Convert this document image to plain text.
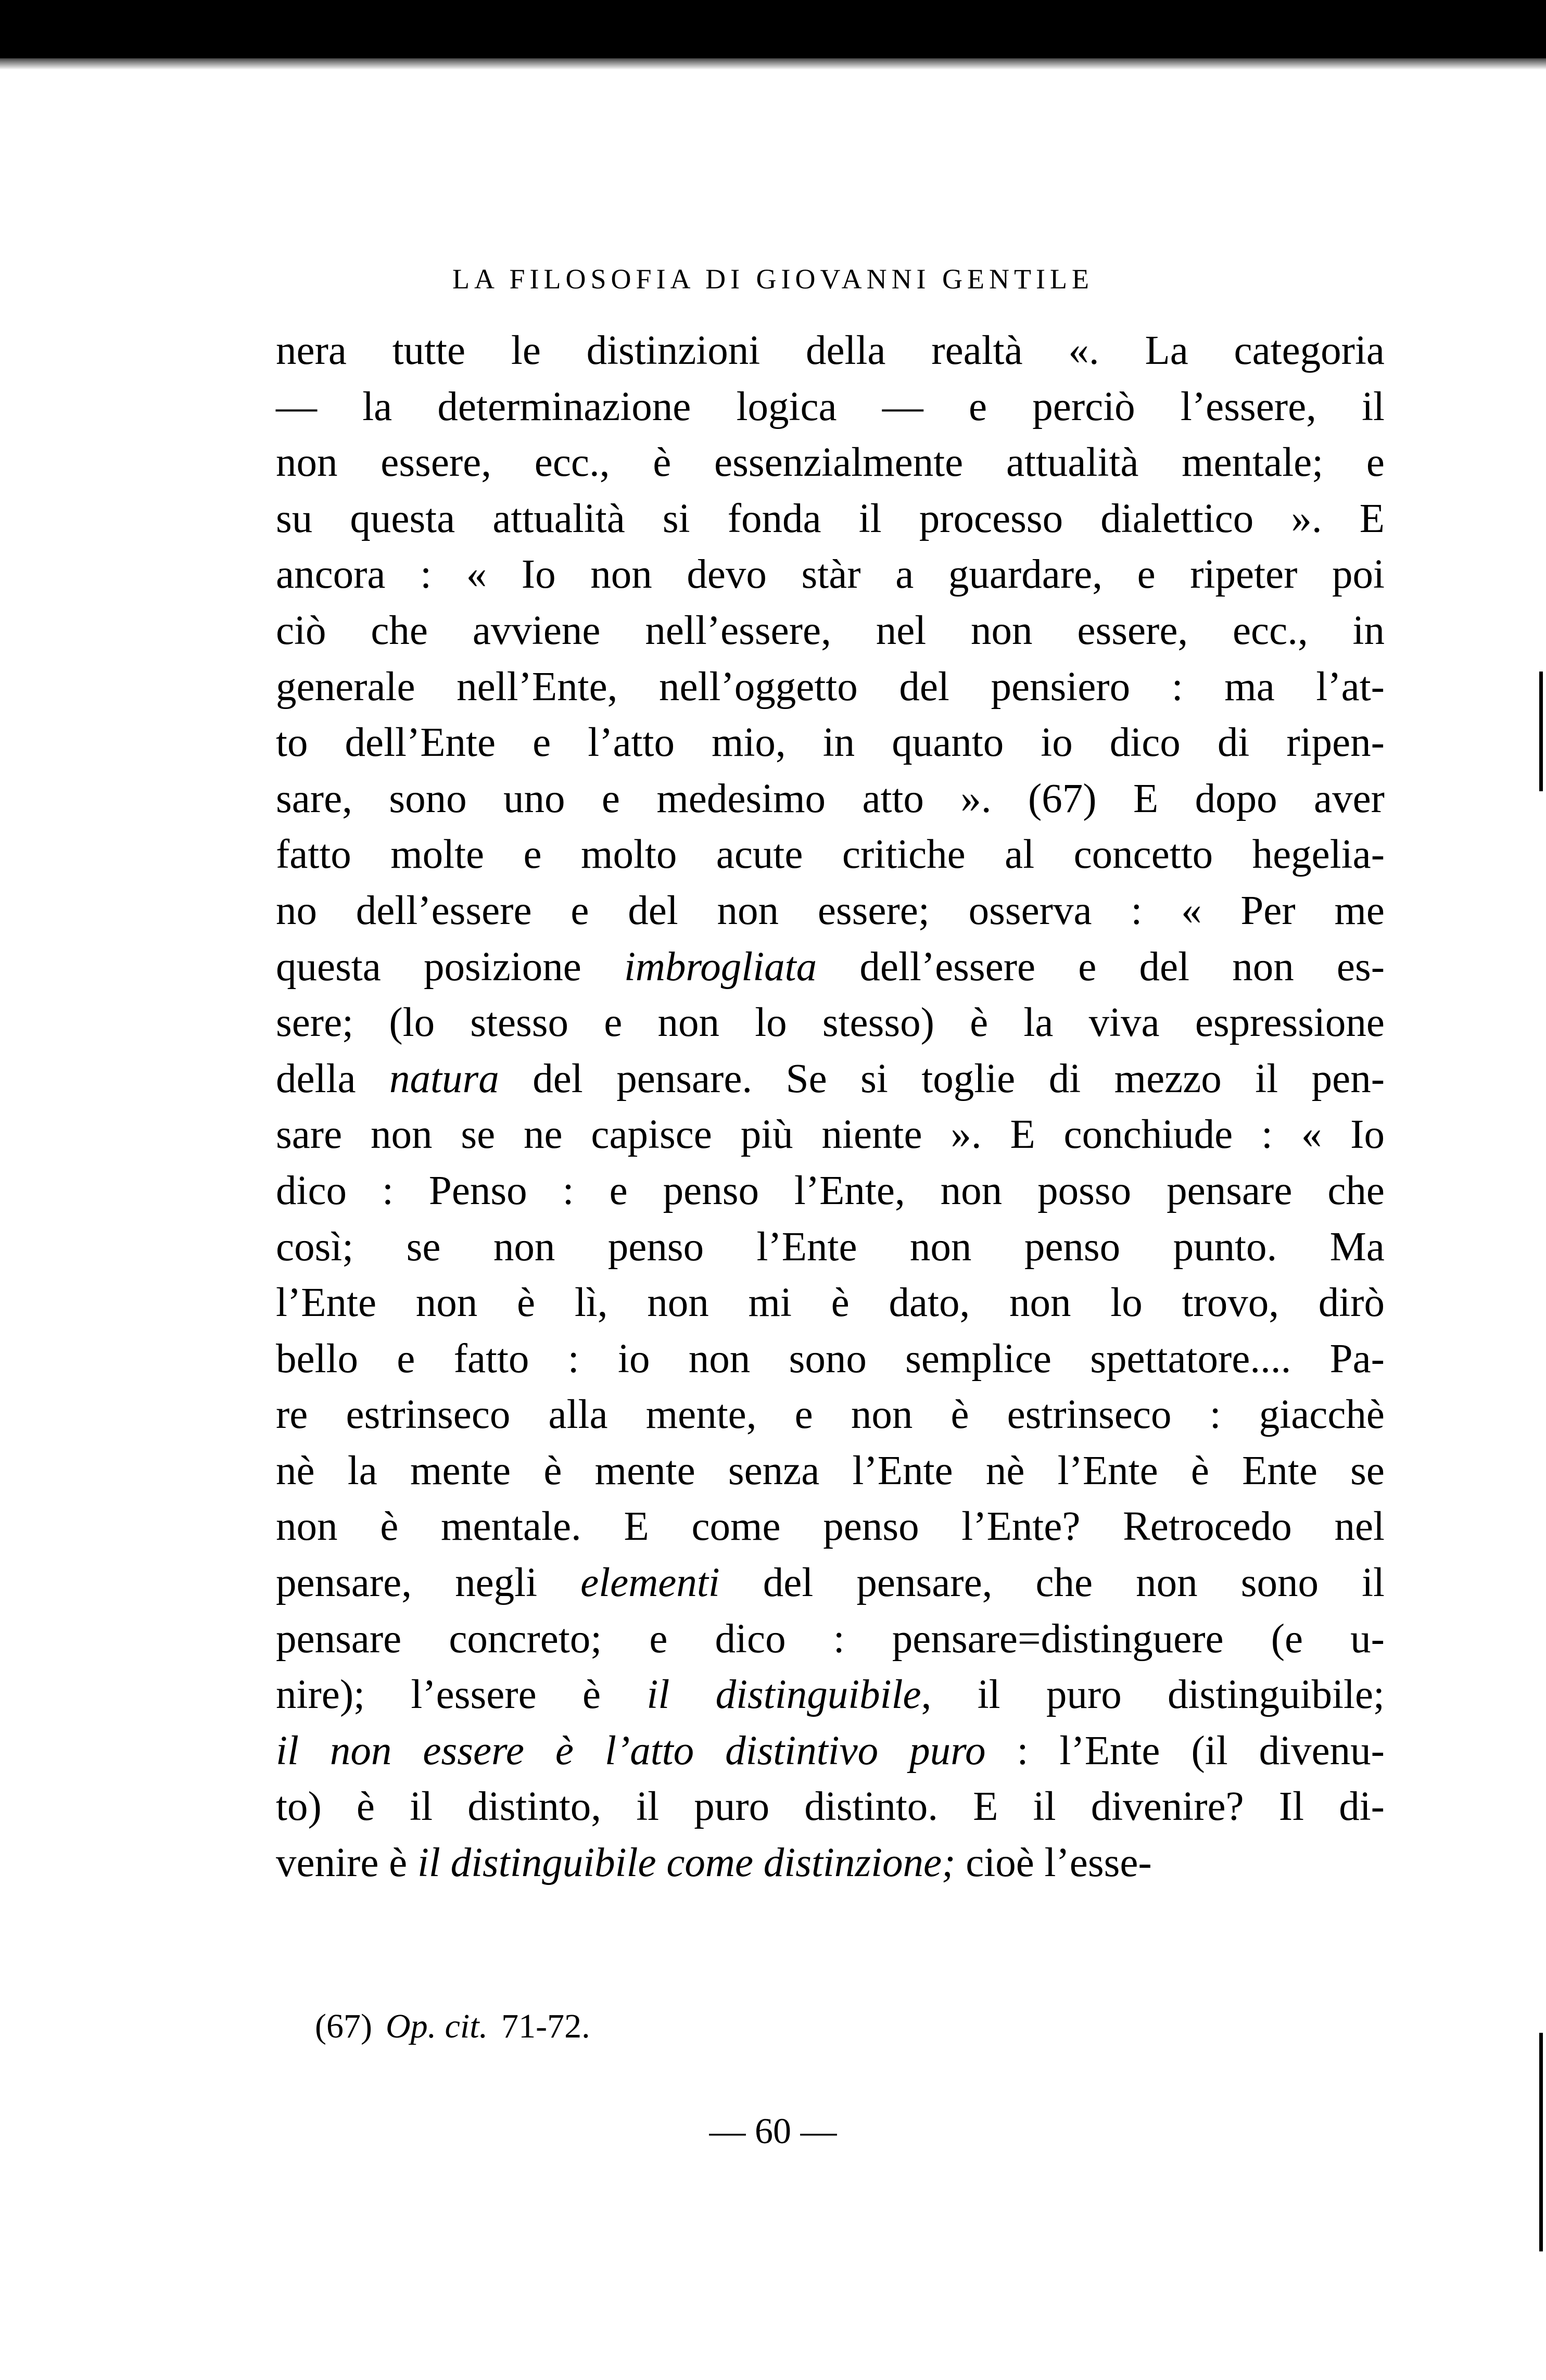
LA FILOSOFIA DI GIOVANNI GENTILE
nera tutte le distinzioni della realtà «. La categoria
— la determinazione logica — e perciò l’essere, il
non essere, ecc., è essenzialmente attualità mentale; e
su questa attualità si fonda il processo dialettico ». E
ancora : « Io non devo stàr a guardare, e ripeter poi
ciò che avviene nell’essere, nel non essere, ecc., in
generale nell’Ente, nell’oggetto del pensiero : ma l’at-
to dell’Ente e l’atto mio, in quanto io dico di ripen-
sare, sono uno e medesimo atto ». (67) E dopo aver
fatto molte e molto acute critiche al concetto hegelia-
no dell’essere e del non essere; osserva : « Per me
questa posizione imbrogliata dell’essere e del non es-
sere; (lo stesso e non lo stesso) è la viva espressione
della natura del pensare. Se si toglie di mezzo il pen-
sare non se ne capisce più niente ». E conchiude : « Io
dico : Penso : e penso l’Ente, non posso pensare che
così; se non penso l’Ente non penso punto. Ma
l’Ente non è lì, non mi è dato, non lo trovo, dirò
bello e fatto : io non sono semplice spettatore.... Pa-
re estrinseco alla mente, e non è estrinseco : giacchè
nè la mente è mente senza l’Ente nè l’Ente è Ente se
non è mentale. E come penso l’Ente? Retrocedo nel
pensare, negli elementi del pensare, che non sono il
pensare concreto; e dico : pensare=distinguere (e u-
nire); l’essere è il distinguibile, il puro distinguibile;
il non essere è l’atto distintivo puro : l’Ente (il divenu-
to) è il distinto, il puro distinto. E il divenire? Il di-
venire è il distinguibile come distinzione; cioè l’esse-
(67) Op. cit. 71-72.
— 60 —
